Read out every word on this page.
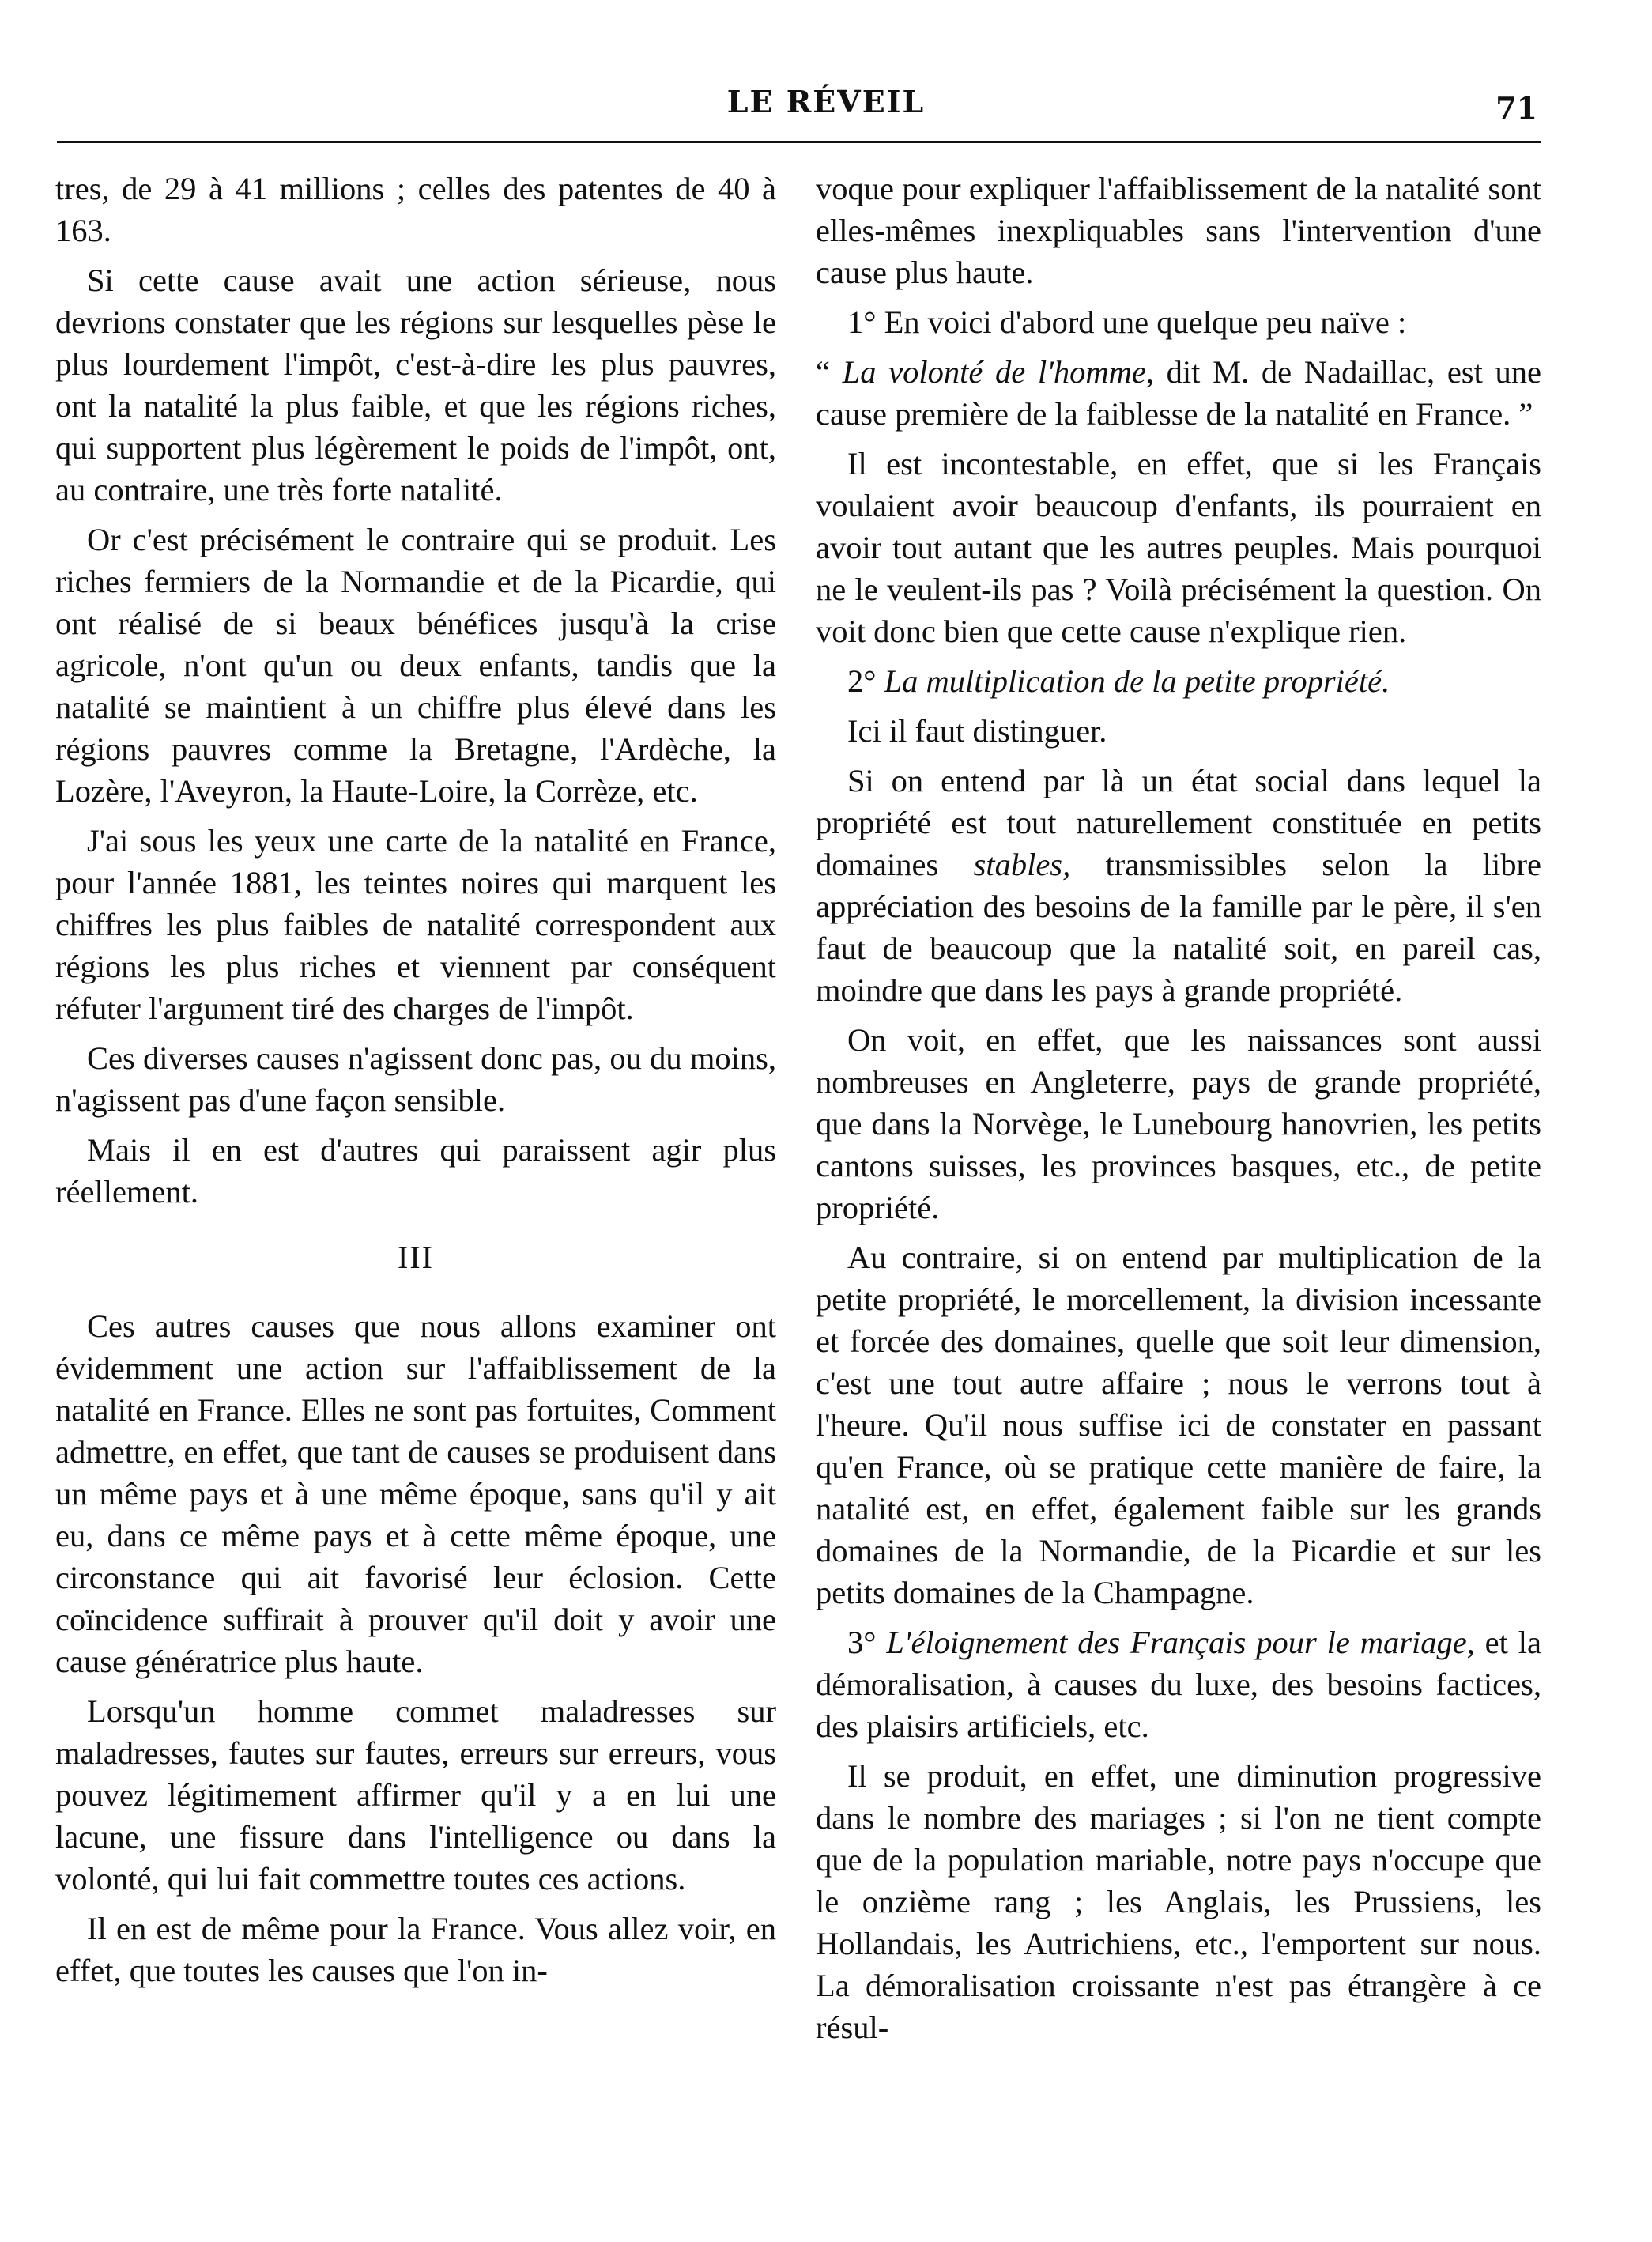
LE RÉVEIL	71

tres, de 29 à 41 millions ; celles des patentes de 40 à 163.

Si cette cause avait une action sérieuse, nous devrions constater que les régions sur lesquelles pèse le plus lourdement l'impôt, c'est-à-dire les plus pauvres, ont la natalité la plus faible, et que les régions riches, qui supportent plus légèrement le poids de l'impôt, ont, au contraire, une très forte natalité.

Or c'est précisément le contraire qui se produit. Les riches fermiers de la Normandie et de la Picardie, qui ont réalisé de si beaux bénéfices jusqu'à la crise agricole, n'ont qu'un ou deux enfants, tandis que la natalité se maintient à un chiffre plus élevé dans les régions pauvres comme la Bretagne, l'Ardèche, la Lozère, l'Aveyron, la Haute-Loire, la Corrèze, etc.

J'ai sous les yeux une carte de la natalité en France, pour l'année 1881, les teintes noires qui marquent les chiffres les plus faibles de natalité correspondent aux régions les plus riches et viennent par conséquent réfuter l'argument tiré des charges de l'impôt.

Ces diverses causes n'agissent donc pas, ou du moins, n'agissent pas d'une façon sensible.

Mais il en est d'autres qui paraissent agir plus réellement.

III

Ces autres causes que nous allons examiner ont évidemment une action sur l'affaiblissement de la natalité en France. Elles ne sont pas fortuites, Comment admettre, en effet, que tant de causes se produisent dans un même pays et à une même époque, sans qu'il y ait eu, dans ce même pays et à cette même époque, une circonstance qui ait favorisé leur éclosion. Cette coïncidence suffirait à prouver qu'il doit y avoir une cause génératrice plus haute.

Lorsqu'un homme commet maladresses sur maladresses, fautes sur fautes, erreurs sur erreurs, vous pouvez légitimement affirmer qu'il y a en lui une lacune, une fissure dans l'intelligence ou dans la volonté, qui lui fait commettre toutes ces actions.

Il en est de même pour la France. Vous allez voir, en effet, que toutes les causes que l'on in-

voque pour expliquer l'affaiblissement de la natalité sont elles-mêmes inexpliquables sans l'intervention d'une cause plus haute.

1° En voici d'abord une quelque peu naïve :

“ La volonté de l'homme, dit M. de Nadaillac, est une cause première de la faiblesse de la natalité en France. ”

Il est incontestable, en effet, que si les Français voulaient avoir beaucoup d'enfants, ils pourraient en avoir tout autant que les autres peuples. Mais pourquoi ne le veulent-ils pas ? Voilà précisément la question. On voit donc bien que cette cause n'explique rien.

2° La multiplication de la petite propriété.

Ici il faut distinguer.

Si on entend par là un état social dans lequel la propriété est tout naturellement constituée en petits domaines stables, transmissibles selon la libre appréciation des besoins de la famille par le père, il s'en faut de beaucoup que la natalité soit, en pareil cas, moindre que dans les pays à grande propriété.

On voit, en effet, que les naissances sont aussi nombreuses en Angleterre, pays de grande propriété, que dans la Norvège, le Lunebourg hanovrien, les petits cantons suisses, les provinces basques, etc., de petite propriété.

Au contraire, si on entend par multiplication de la petite propriété, le morcellement, la division incessante et forcée des domaines, quelle que soit leur dimension, c'est une tout autre affaire ; nous le verrons tout à l'heure. Qu'il nous suffise ici de constater en passant qu'en France, où se pratique cette manière de faire, la natalité est, en effet, également faible sur les grands domaines de la Normandie, de la Picardie et sur les petits domaines de la Champagne.

3° L'éloignement des Français pour le mariage, et la démoralisation, à causes du luxe, des besoins factices, des plaisirs artificiels, etc.

Il se produit, en effet, une diminution progressive dans le nombre des mariages ; si l'on ne tient compte que de la population mariable, notre pays n'occupe que le onzième rang ; les Anglais, les Prussiens, les Hollandais, les Autrichiens, etc., l'emportent sur nous. La démoralisation croissante n'est pas étrangère à ce résul-
